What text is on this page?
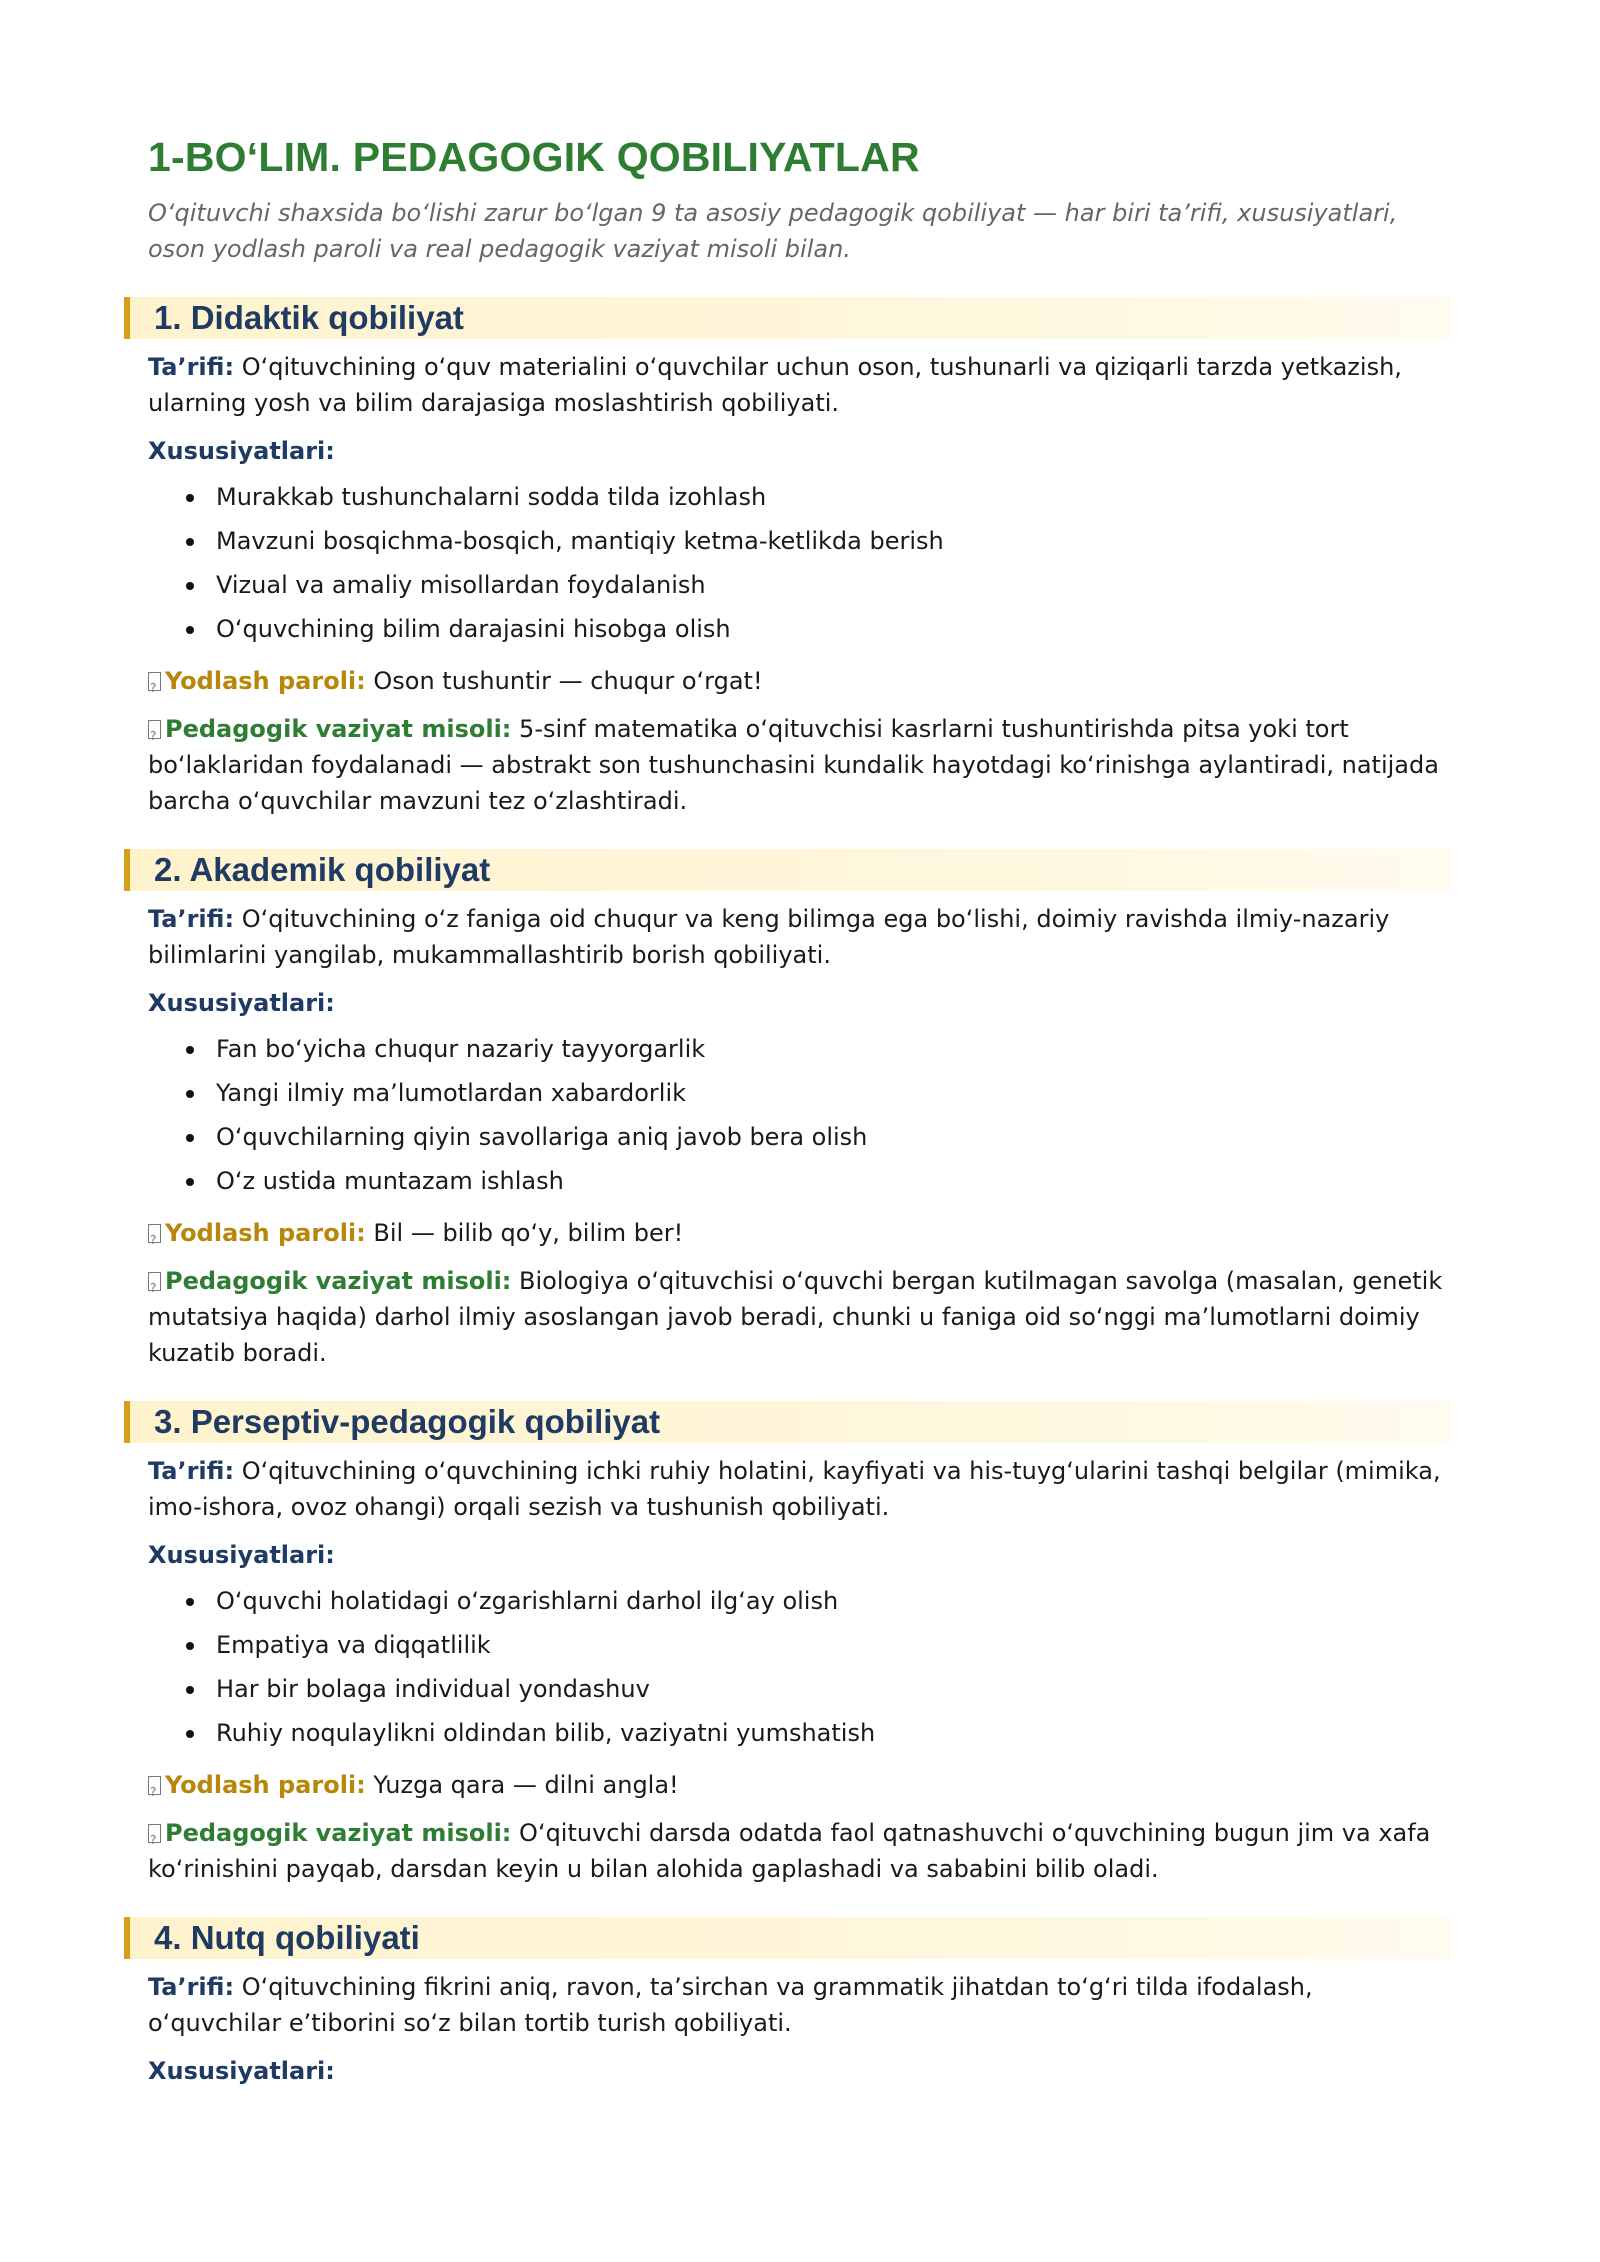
1-BO‘LIM. PEDAGOGIK QOBILIYATLAR

O‘qituvchi shaxsida bo‘lishi zarur bo‘lgan 9 ta asosiy pedagogik qobiliyat — har biri ta’rifi, xususiyatlari, oson yodlash paroli va real pedagogik vaziyat misoli bilan.

1. Didaktik qobiliyat

Ta’rifi: O‘qituvchining o‘quv materialini o‘quvchilar uchun oson, tushunarli va qiziqarli tarzda yetkazish, ularning yosh va bilim darajasiga moslashtirish qobiliyati.

Xususiyatlari:
Murakkab tushunchalarni sodda tilda izohlash
Mavzuni bosqichma-bosqich, mantiqiy ketma-ketlikda berish
Vizual va amaliy misollardan foydalanish
O‘quvchining bilim darajasini hisobga olish

?Yodlash paroli: Oson tushuntir — chuqur o‘rgat!

?Pedagogik vaziyat misoli: 5-sinf matematika o‘qituvchisi kasrlarni tushuntirishda pitsa yoki tort bo‘laklaridan foydalanadi — abstrakt son tushunchasini kundalik hayotdagi ko‘rinishga aylantiradi, natijada barcha o‘quvchilar mavzuni tez o‘zlashtiradi.

2. Akademik qobiliyat

Ta’rifi: O‘qituvchining o‘z faniga oid chuqur va keng bilimga ega bo‘lishi, doimiy ravishda ilmiy-nazariy bilimlarini yangilab, mukammallashtirib borish qobiliyati.

Xususiyatlari:
Fan bo‘yicha chuqur nazariy tayyorgarlik
Yangi ilmiy ma’lumotlardan xabardorlik
O‘quvchilarning qiyin savollariga aniq javob bera olish
O‘z ustida muntazam ishlash

?Yodlash paroli: Bil — bilib qo‘y, bilim ber!

?Pedagogik vaziyat misoli: Biologiya o‘qituvchisi o‘quvchi bergan kutilmagan savolga (masalan, genetik mutatsiya haqida) darhol ilmiy asoslangan javob beradi, chunki u faniga oid so‘nggi ma’lumotlarni doimiy kuzatib boradi.

3. Perseptiv-pedagogik qobiliyat

Ta’rifi: O‘qituvchining o‘quvchining ichki ruhiy holatini, kayfiyati va his-tuyg‘ularini tashqi belgilar (mimika, imo-ishora, ovoz ohangi) orqali sezish va tushunish qobiliyati.

Xususiyatlari:
O‘quvchi holatidagi o‘zgarishlarni darhol ilg‘ay olish
Empatiya va diqqatlilik
Har bir bolaga individual yondashuv
Ruhiy noqulaylikni oldindan bilib, vaziyatni yumshatish

?Yodlash paroli: Yuzga qara — dilni angla!

?Pedagogik vaziyat misoli: O‘qituvchi darsda odatda faol qatnashuvchi o‘quvchining bugun jim va xafa ko‘rinishini payqab, darsdan keyin u bilan alohida gaplashadi va sababini bilib oladi.

4. Nutq qobiliyati

Ta’rifi: O‘qituvchining fikrini aniq, ravon, ta’sirchan va grammatik jihatdan to‘g‘ri tilda ifodalash, o‘quvchilar e’tiborini so‘z bilan tortib turish qobiliyati.

Xususiyatlari:
